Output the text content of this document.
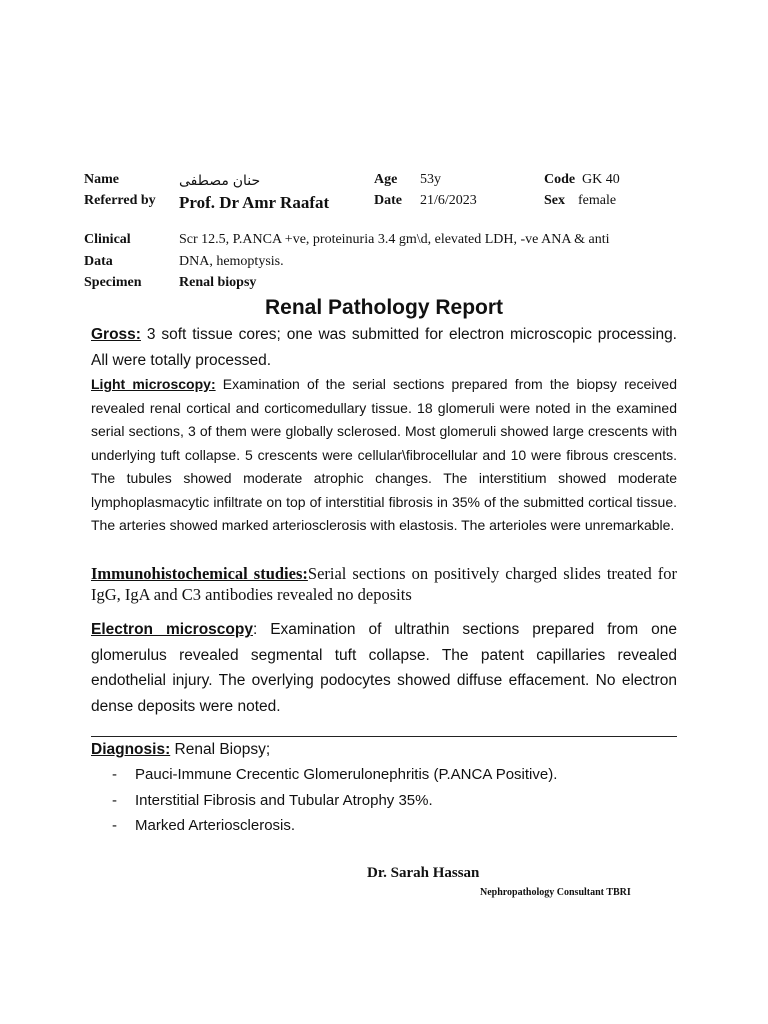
Name	حنان مصطفى
Referred by Prof. Dr Amr Raafat
Age 53y
Date 21/6/2023
Code GK 40
Sex female
Clinical
Data
Scr 12.5, P.ANCA +ve, proteinuria 3.4 gm\d, elevated LDH, -ve ANA & anti
DNA, hemoptysis.
Specimen	Renal biopsy
Renal Pathology Report
Gross: 3 soft tissue cores; one was submitted for electron microscopic processing. All were totally processed.
Light microscopy: Examination of the serial sections prepared from the biopsy received revealed renal cortical and corticomedullary tissue. 18 glomeruli were noted in the examined serial sections, 3 of them were globally sclerosed. Most glomeruli showed large crescents with underlying tuft collapse. 5 crescents were cellular\fibrocellular and 10 were fibrous crescents. The tubules showed moderate atrophic changes. The interstitium showed moderate lymphoplasmacytic infiltrate on top of interstitial fibrosis in 35% of the submitted cortical tissue. The arteries showed marked arteriosclerosis with elastosis. The arterioles were unremarkable.
Immunohistochemical studies:Serial sections on positively charged slides treated for IgG, IgA and C3 antibodies revealed no deposits
Electron microscopy: Examination of ultrathin sections prepared from one glomerulus revealed segmental tuft collapse. The patent capillaries revealed endothelial injury. The overlying podocytes showed diffuse effacement. No electron dense deposits were noted.
Diagnosis: Renal Biopsy;
- Pauci-Immune Crecentic Glomerulonephritis (P.ANCA Positive).
- Interstitial Fibrosis and Tubular Atrophy 35%.
- Marked Arteriosclerosis.
Dr. Sarah Hassan
Nephropathology Consultant TBRI
